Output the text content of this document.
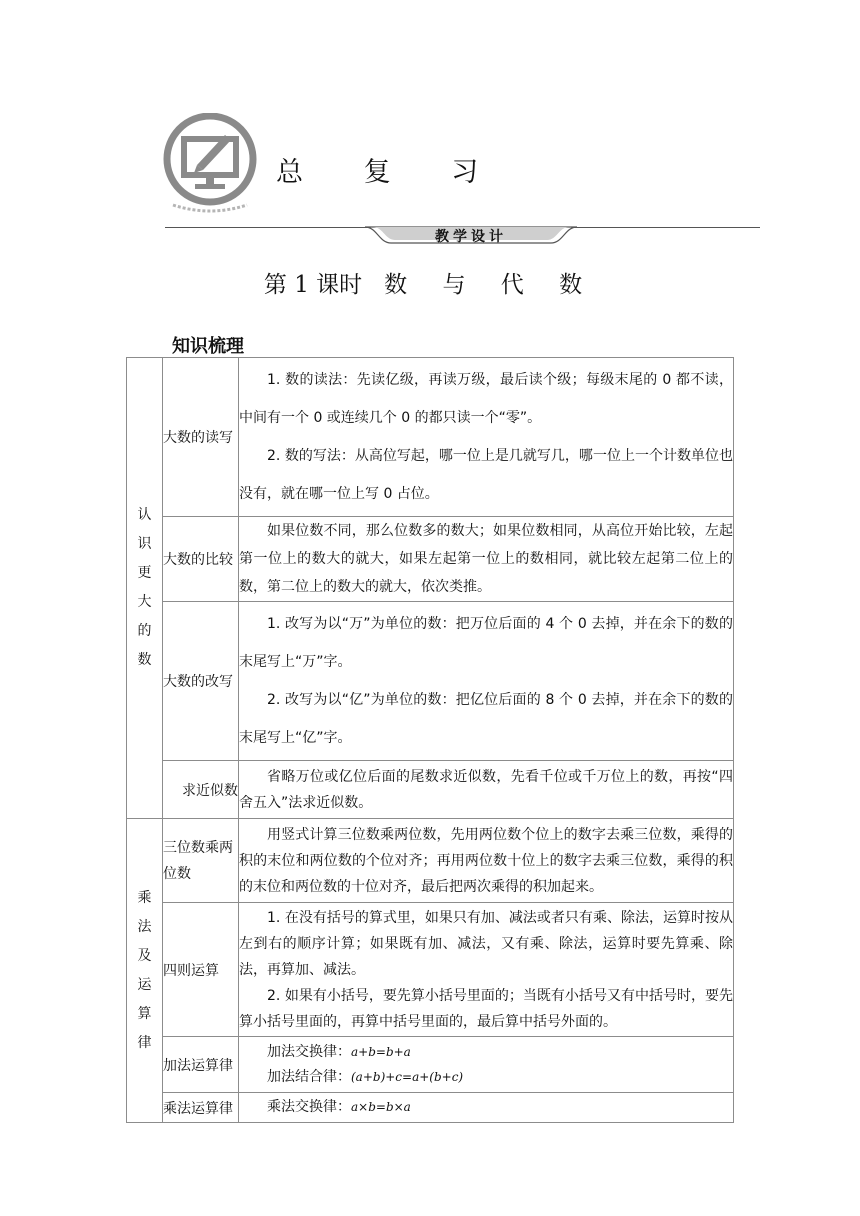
总 复 习
教学设计
第 1 课时 数 与 代 数
知识梳理
认识更大的数	大数的读写	1. 数的读法：先读亿级，再读万级，最后读个级；每级末尾的 0 都不读，中间有一个 0 或连续几个 0 的都只读一个“零”。

2. 数的写法：从高位写起，哪一位上是几就写几，哪一位上一个计数单位也没有，就在哪一位上写 0 占位。

	大数的比较	如果位数不同，那么位数多的数大；如果位数相同，从高位开始比较，左起第一位上的数大的就大，如果左起第一位上的数相同，就比较左起第二位上的数，第二位上的数大的就大，依次类推。

	大数的改写	1. 改写为以“万”为单位的数：把万位后面的 4 个 0 去掉，并在余下的数的末尾写上“万”字。

2. 改写为以“亿”为单位的数：把亿位后面的 8 个 0 去掉，并在余下的数的末尾写上“亿”字。

	求近似数	省略万位或亿位后面的尾数求近似数，先看千位或千万位上的数，再按“四舍五入”法求近似数。

乘法及运算律	三位数乘两位数	用竖式计算三位数乘两位数，先用两位数个位上的数字去乘三位数，乘得的积的末位和两位数的个位对齐；再用两位数十位上的数字去乘三位数，乘得的积的末位和两位数的十位对齐，最后把两次乘得的积加起来。

	四则运算	1. 在没有括号的算式里，如果只有加、减法或者只有乘、除法，运算时按从左到右的顺序计算；如果既有加、减法，又有乘、除法，运算时要先算乘、除法，再算加、减法。

2. 如果有小括号，要先算小括号里面的；当既有小括号又有中括号时，要先算小括号里面的，再算中括号里面的，最后算中括号外面的。

	加法运算律	加法交换律：a+b=b+a

加法结合律：(a+b)+c=a+(b+c)

	乘法运算律	乘法交换律：a×b=b×a
